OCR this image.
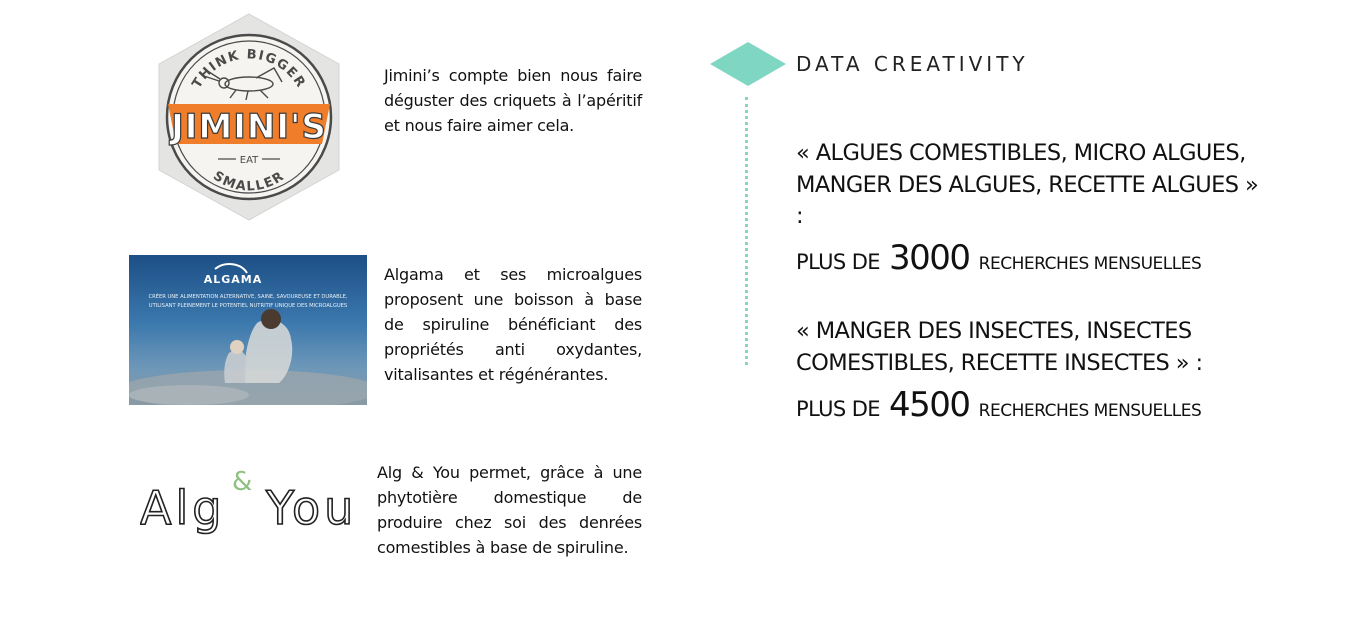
THINK BIGGER
JIMINI'S
EAT
SMALLER
Jimini’s compte bien nous faire déguster des criquets à l’apéritif et nous faire aimer cela.
ALGAMA
CRÉER UNE ALIMENTATION ALTERNATIVE, SAINE, SAVOUREUSE ET DURABLE, UTILISANT PLEINEMENT LE POTENTIEL NUTRITIF UNIQUE DES MICROALGUES
Algama et ses microalgues proposent une boisson à base de spiruline bénéficiant des propriétés anti oxydantes, vitalisantes et régénérantes.
Alg & You
Alg & You permet, grâce à une phytotière domestique de produire chez soi des denrées comestibles à base de spiruline.
DATA CREATIVITY
« ALGUES COMESTIBLES, MICRO ALGUES, MANGER DES ALGUES, RECETTE ALGUES » :
PLUS DE 3000 RECHERCHES MENSUELLES
« MANGER DES INSECTES, INSECTES COMESTIBLES, RECETTE INSECTES » :
PLUS DE 4500 RECHERCHES MENSUELLES
